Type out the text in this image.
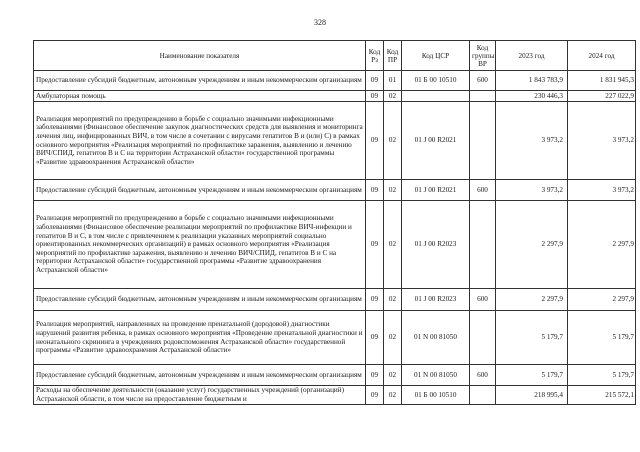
328
Наименование показателя	Код Рз	Код ПР	Код ЦСР	Код группы ВР	2023 год	2024 год
Предоставление субсидий бюджетным, автономным учреждениям и иным некоммерческим организациям	09	01	01 Б 00 10510	600	1 843 783,9	1 831 945,3
Амбулаторная помощь	09	02			230 446,3	227 022,9
Реализация мероприятий по предупреждению в борьбе с социально значимыми инфекционными заболеваниями (Финансовое обеспечение закупок диагностических средств для выявления и мониторинга лечения лиц, инфицированных ВИЧ, в том числе в сочетании с вирусами гепатитов В и (или) С) в рамках основного мероприятия «Реализация мероприятий по профилактике заражения, выявлению и лечению ВИЧ/СПИД, гепатитов В и С на территории Астраханской области» государственной программы «Развитие здравоохранения Астраханской области»	09	02	01 J 00 R2021		3 973,2	3 973,2
Предоставление субсидий бюджетным, автономным учреждениям и иным некоммерческим организациям	09	02	01 J 00 R2021	600	3 973,2	3 973,2
Реализация мероприятий по предупреждению в борьбе с социально значимыми инфекционными заболеваниями (Финансовое обеспечение реализации мероприятий по профилактике ВИЧ-инфекции и гепатитов В и С, в том числе с привлечением к реализации указанных мероприятий социально ориентированных некоммерческих организаций) в рамках основного мероприятия «Реализация мероприятий по профилактике заражения, выявлению и лечению ВИЧ/СПИД, гепатитов В и С на территории Астраханской области» государственной программы «Развитие здравоохранения Астраханской области»	09	02	01 J 00 R2023		2 297,9	2 297,9
Предоставление субсидий бюджетным, автономным учреждениям и иным некоммерческим организациям	09	02	01 J 00 R2023	600	2 297,9	2 297,9
Реализация мероприятий, направленных на проведение пренатальной (дородовой) диагностики нарушений развития ребенка, в рамках основного мероприятия «Проведение пренатальной диагностики и неонатального скрининга в учреждениях родовспоможения Астраханской области» государственной программы «Развитие здравоохранения Астраханской области»	09	02	01 N 00 81050		5 179,7	5 179,7
Предоставление субсидий бюджетным, автономным учреждениям и иным некоммерческим организациям	09	02	01 N 00 81050	600	5 179,7	5 179,7
Расходы на обеспечение деятельности (оказание услуг) государственных учреждений (организаций) Астраханской области, в том числе на предоставление бюджетным и	09	02	01 Б 00 10510		218 995,4	215 572,1
